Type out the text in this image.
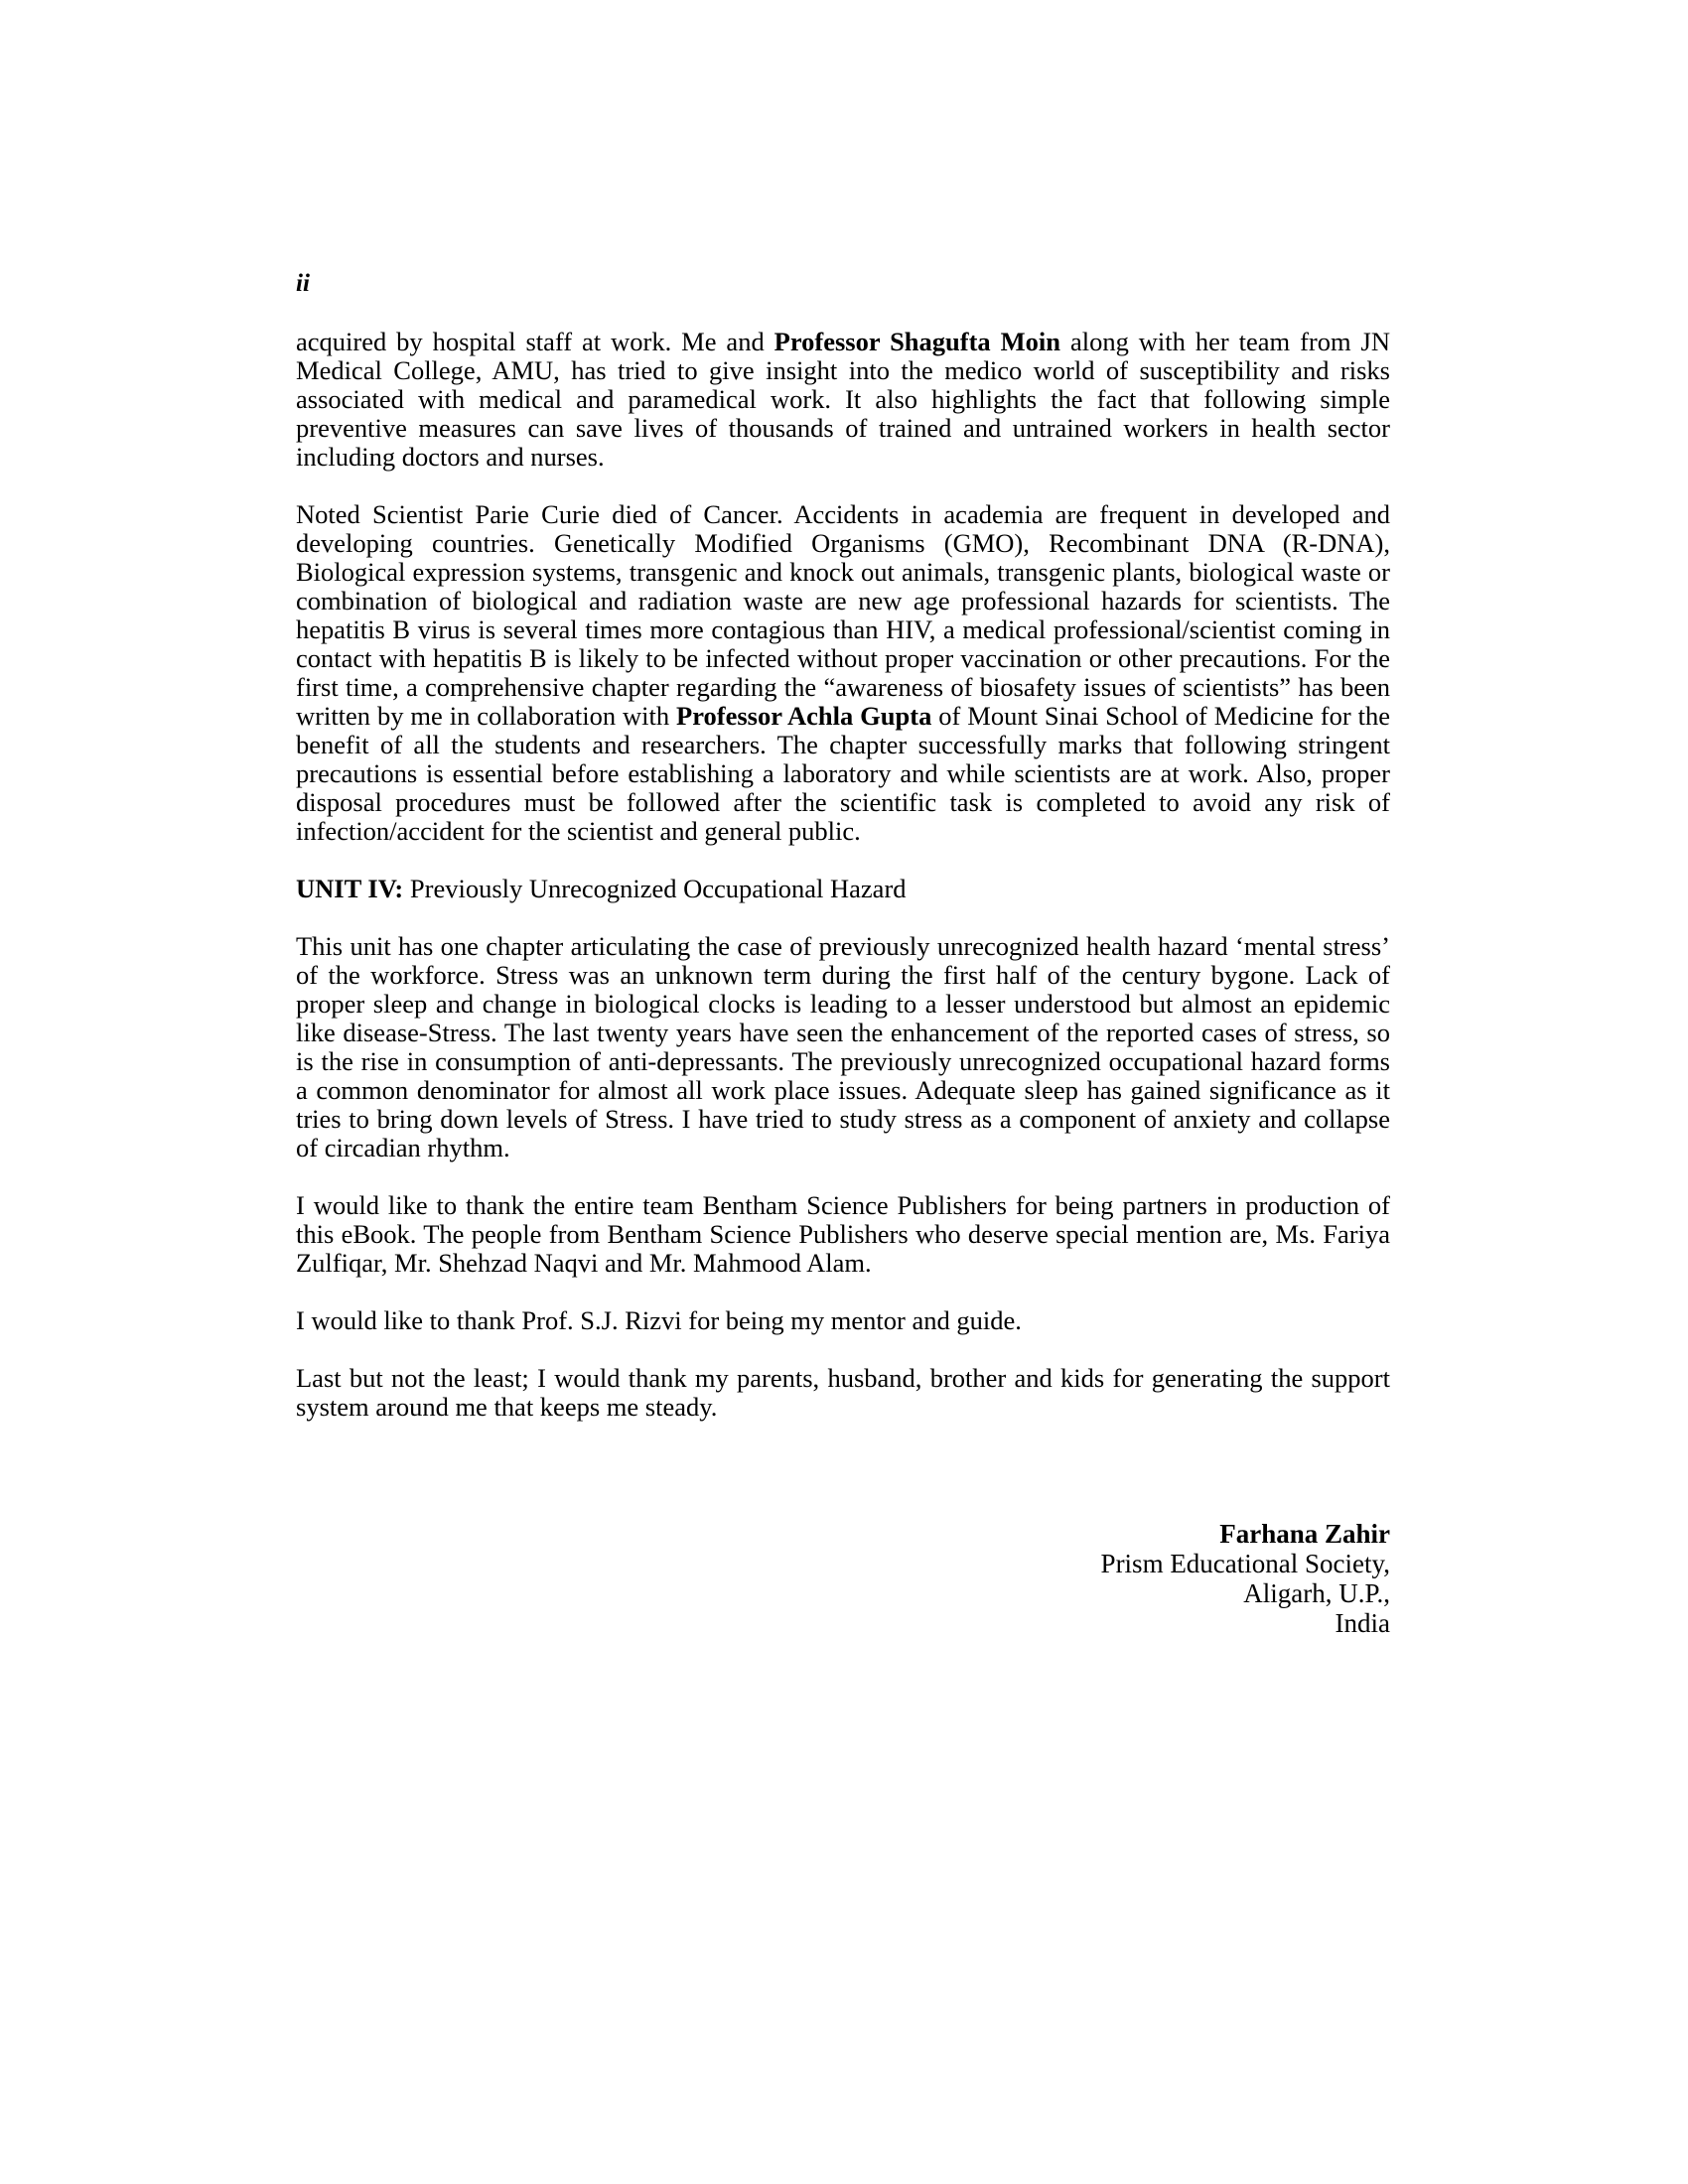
ii

acquired by hospital staff at work. Me and Professor Shagufta Moin along with her team from JN Medical College, AMU, has tried to give insight into the medico world of susceptibility and risks associated with medical and paramedical work. It also highlights the fact that following simple preventive measures can save lives of thousands of trained and untrained workers in health sector including doctors and nurses.

Noted Scientist Parie Curie died of Cancer. Accidents in academia are frequent in developed and developing countries. Genetically Modified Organisms (GMO), Recombinant DNA (R-DNA), Biological expression systems, transgenic and knock out animals, transgenic plants, biological waste or combination of biological and radiation waste are new age professional hazards for scientists. The hepatitis B virus is several times more contagious than HIV, a medical professional/scientist coming in contact with hepatitis B is likely to be infected without proper vaccination or other precautions. For the first time, a comprehensive chapter regarding the “awareness of biosafety issues of scientists” has been written by me in collaboration with Professor Achla Gupta of Mount Sinai School of Medicine for the benefit of all the students and researchers. The chapter successfully marks that following stringent precautions is essential before establishing a laboratory and while scientists are at work. Also, proper disposal procedures must be followed after the scientific task is completed to avoid any risk of infection/accident for the scientist and general public.

UNIT IV: Previously Unrecognized Occupational Hazard

This unit has one chapter articulating the case of previously unrecognized health hazard ‘mental stress’ of the workforce. Stress was an unknown term during the first half of the century bygone. Lack of proper sleep and change in biological clocks is leading to a lesser understood but almost an epidemic like disease-Stress. The last twenty years have seen the enhancement of the reported cases of stress, so is the rise in consumption of anti-depressants. The previously unrecognized occupational hazard forms a common denominator for almost all work place issues. Adequate sleep has gained significance as it tries to bring down levels of Stress. I have tried to study stress as a component of anxiety and collapse of circadian rhythm.

I would like to thank the entire team Bentham Science Publishers for being partners in production of this eBook. The people from Bentham Science Publishers who deserve special mention are, Ms. Fariya Zulfiqar, Mr. Shehzad Naqvi and Mr. Mahmood Alam.

I would like to thank Prof. S.J. Rizvi for being my mentor and guide.

Last but not the least; I would thank my parents, husband, brother and kids for generating the support system around me that keeps me steady.

Farhana Zahir
Prism Educational Society,
Aligarh, U.P.,
India
